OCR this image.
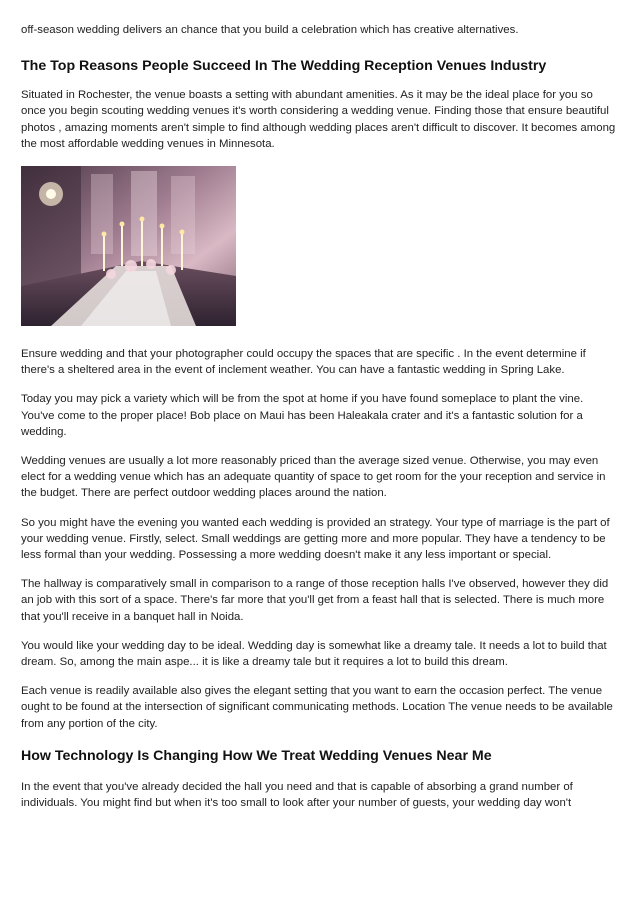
off-season wedding delivers an chance that you build a celebration which has creative alternatives.

The Top Reasons People Succeed In The Wedding Reception Venues Industry

Situated in Rochester, the venue boasts a setting with abundant amenities. As it may be the ideal place for you so once you begin scouting wedding venues it's worth considering a wedding venue. Finding those that ensure beautiful photos , amazing moments aren't simple to find although wedding places aren't difficult to discover. It becomes among the most affordable wedding venues in Minnesota.

Ensure wedding and that your photographer could occupy the spaces that are specific . In the event determine if there's a sheltered area in the event of inclement weather. You can have a fantastic wedding in Spring Lake.

Today you may pick a variety which will be from the spot at home if you have found someplace to plant the vine. You've come to the proper place! Bob place on Maui has been Haleakala crater and it's a fantastic solution for a wedding.

Wedding venues are usually a lot more reasonably priced than the average sized venue. Otherwise, you may even elect for a wedding venue which has an adequate quantity of space to get room for the your reception and service in the budget. There are perfect outdoor wedding places around the nation.

So you might have the evening you wanted each wedding is provided an strategy. Your type of marriage is the part of your wedding venue. Firstly, select. Small weddings are getting more and more popular. They have a tendency to be less formal than your wedding. Possessing a more wedding doesn't make it any less important or special.

The hallway is comparatively small in comparison to a range of those reception halls I've observed, however they did an job with this sort of a space. There's far more that you'll get from a feast hall that is selected. There is much more that you'll receive in a banquet hall in Noida.

You would like your wedding day to be ideal. Wedding day is somewhat like a dreamy tale. It needs a lot to build that dream. So, among the main aspe... it is like a dreamy tale but it requires a lot to build this dream.

Each venue is readily available also gives the elegant setting that you want to earn the occasion perfect. The venue ought to be found at the intersection of significant communicating methods. Location The venue needs to be available from any portion of the city.

How Technology Is Changing How We Treat Wedding Venues Near Me

In the event that you've already decided the hall you need and that is capable of absorbing a grand number of individuals. You might find but when it's too small to look after your number of guests, your wedding day won't
